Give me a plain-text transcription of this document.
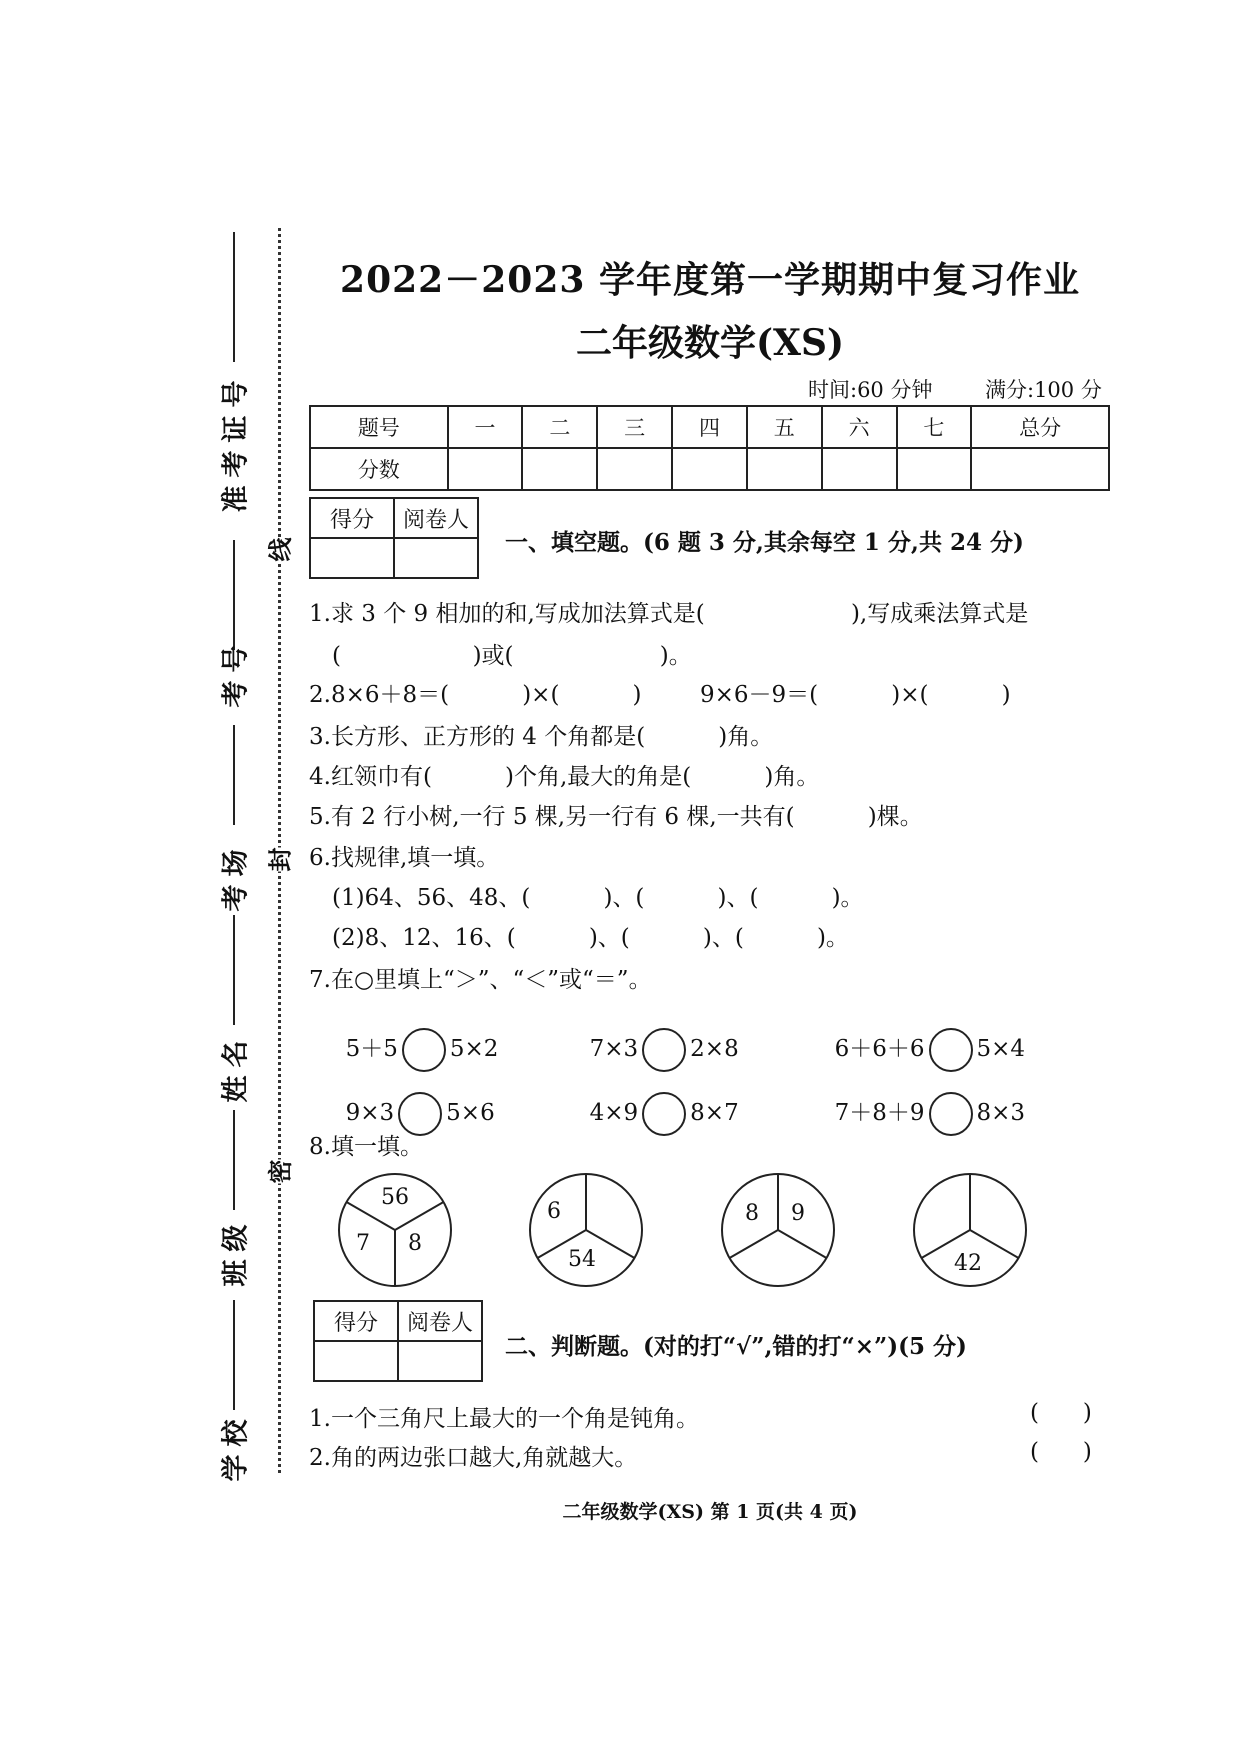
准考证号
考号
考场
姓名
班级
学校
线
封
密
2022－2023 学年度第一学期期中复习作业
二年级数学(XS)
时间:60 分钟	满分:100 分
题号	一	二	三	四	五	六	七	总分
分数								
得分	阅卷人

一、填空题。(6 题 3 分,其余每空 1 分,共 24 分)
1.求 3 个 9 相加的和,写成加法算式是(                    ),写成乘法算式是
(                  )或(                    )。
2.8×6＋8＝(          )×(          )        9×6－9＝(          )×(          )
3.长方形、正方形的 4 个角都是(          )角。
4.红领巾有(          )个角,最大的角是(          )角。
5.有 2 行小树,一行 5 棵,另一行有 6 棵,一共有(          )棵。
6.找规律,填一填。
(1)64、56、48、(          )、(          )、(          )。
(2)8、12、16、(          )、(          )、(          )。
7.在○里填上“＞”、“＜”或“＝”。

5＋5 5×2	7×3 2×8	6＋6＋6 5×4

9×3 5×6	4×9 8×7	7＋8＋9 8×3

8.填一填。
56
7 8
6
54
8 9
42
得分	阅卷人

二、判断题。(对的打“√”,错的打“×”)(5 分)
1.一个三角尺上最大的一个角是钝角。	(      )
2.角的两边张口越大,角就越大。	(      )
二年级数学(XS) 第 1 页(共 4 页)
